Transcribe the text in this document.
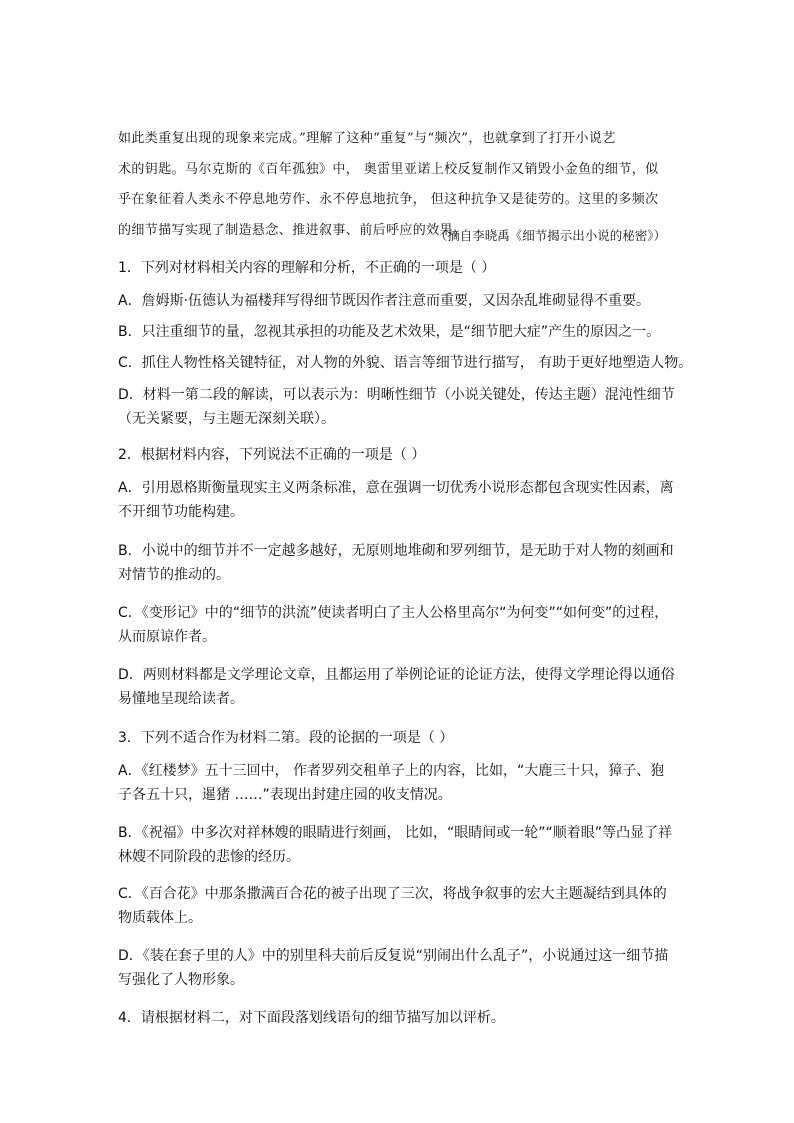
如此类重复出现的现象来完成。”理解了这种“重复”与“频次”，也就拿到了打开小说艺

术的钥匙。马尔克斯的《百年孤独》中， 奥雷里亚诺上校反复制作又销毁小金鱼的细节，似

乎在象征着人类永不停息地劳作、永不停息地抗争， 但这种抗争又是徒劳的。这里的多频次

的细节描写实现了制造悬念、推进叙事、前后呼应的效果。

（摘自李晓禹《细节揭示出小说的秘密》）
1．下列对材料相关内容的理解和分析，不正确的一项是（ ）
A．詹姆斯·伍德认为福楼拜写得细节既因作者注意而重要，又因杂乱堆砌显得不重要。
B．只注重细节的量，忽视其承担的功能及艺术效果，是“细节肥大症”产生的原因之一。
C．抓住人物性格关键特征，对人物的外貌、语言等细节进行描写， 有助于更好地塑造人物。
D．材料一第二段的解读，可以表示为：明晰性细节（小说关键处，传达主题）混沌性细节（无关紧要，与主题无深刻关联）。
2．根据材料内容，下列说法不正确的一项是（ ）
A．引用恩格斯衡量现实主义两条标准，意在强调一切优秀小说形态都包含现实性因素，离不开细节功能构建。
B．小说中的细节并不一定越多越好，无原则地堆砌和罗列细节，是无助于对人物的刻画和对情节的推动的。
C．《变形记》中的“细节的洪流”使读者明白了主人公格里高尔“为何变”“如何变”的过程，从而原谅作者。
D．两则材料都是文学理论文章，且都运用了举例论证的论证方法，使得文学理论得以通俗易懂地呈现给读者。
3．下列不适合作为材料二第。段的论据的一项是（ ）
A．《红楼梦》五十三回中， 作者罗列交租单子上的内容，比如，“大鹿三十只，獐子、狍子各五十只，暹猪 ……”表现出封建庄园的收支情况。
B．《祝福》中多次对祥林嫂的眼睛进行刻画， 比如，“眼睛间或一轮”“顺着眼”等凸显了祥林嫂不同阶段的悲惨的经历。
C．《百合花》中那条撒满百合花的被子出现了三次，将战争叙事的宏大主题凝结到具体的物质载体上。
D．《装在套子里的人》中的别里科夫前后反复说“别闹出什么乱子”，小说通过这一细节描写强化了人物形象。
4．请根据材料二，对下面段落划线语句的细节描写加以评析。
